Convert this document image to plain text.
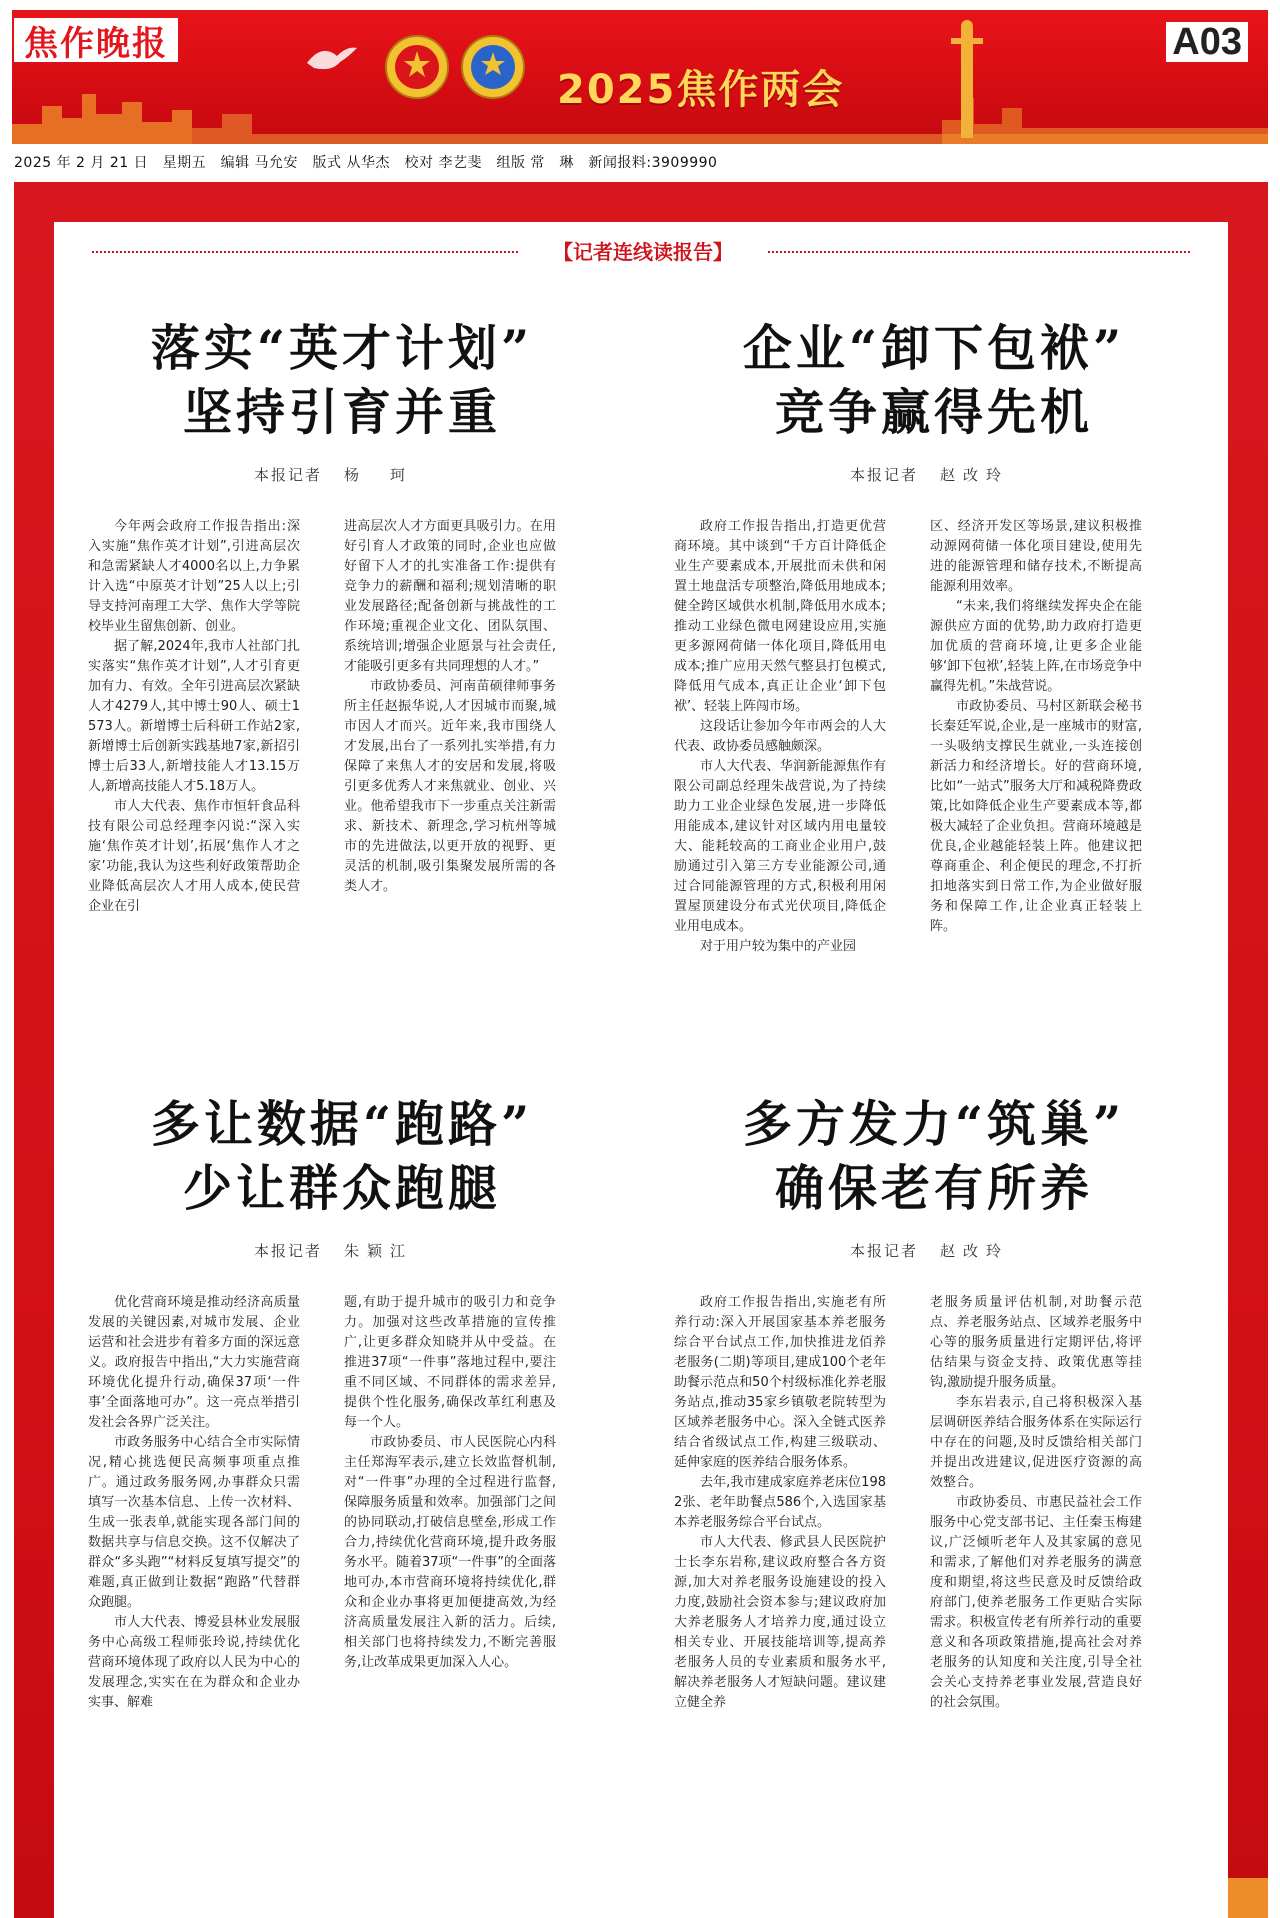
焦作晚报
2025焦作两会
A03
2025 年 2 月 21 日　星期五　编辑 马允安　版式 从华杰　校对 李艺斐　组版 常　琳　新闻报料:3909990
【记者连线读报告】
落实“英才计划”
坚持引育并重
本报记者 杨　珂

今年两会政府工作报告指出:深入实施“焦作英才计划”,引进高层次和急需紧缺人才4000名以上,力争累计入选“中原英才计划”25人以上;引导支持河南理工大学、焦作大学等院校毕业生留焦创新、创业。

据了解,2024年,我市人社部门扎实落实“焦作英才计划”,人才引育更加有力、有效。全年引进高层次紧缺人才4279人,其中博士90人、硕士1573人。新增博士后科研工作站2家,新增博士后创新实践基地7家,新招引博士后33人,新增技能人才13.15万人,新增高技能人才5.18万人。

市人大代表、焦作市恒轩食品科技有限公司总经理李闪说:“深入实施‘焦作英才计划’,拓展‘焦作人才之家’功能,我认为这些利好政策帮助企业降低高层次人才用人成本,使民营企业在引

进高层次人才方面更具吸引力。在用好引育人才政策的同时,企业也应做好留下人才的扎实准备工作:提供有竞争力的薪酬和福利;规划清晰的职业发展路径;配备创新与挑战性的工作环境;重视企业文化、团队氛围、系统培训;增强企业愿景与社会责任,才能吸引更多有共同理想的人才。”

市政协委员、河南苗硕律师事务所主任赵振华说,人才因城市而聚,城市因人才而兴。近年来,我市围绕人才发展,出台了一系列扎实举措,有力保障了来焦人才的安居和发展,将吸引更多优秀人才来焦就业、创业、兴业。他希望我市下一步重点关注新需求、新技术、新理念,学习杭州等城市的先进做法,以更开放的视野、更灵活的机制,吸引集聚发展所需的各类人才。

企业“卸下包袱”
竞争赢得先机
本报记者 赵改玲

政府工作报告指出,打造更优营商环境。其中谈到“千方百计降低企业生产要素成本,开展批而未供和闲置土地盘活专项整治,降低用地成本;健全跨区域供水机制,降低用水成本;推动工业绿色微电网建设应用,实施更多源网荷储一体化项目,降低用电成本;推广应用天然气整县打包模式,降低用气成本,真正让企业‘卸下包袱’、轻装上阵闯市场。

这段话让参加今年市两会的人大代表、政协委员感触颇深。

市人大代表、华润新能源焦作有限公司副总经理朱战营说,为了持续助力工业企业绿色发展,进一步降低用能成本,建议针对区域内用电量较大、能耗较高的工商业企业用户,鼓励通过引入第三方专业能源公司,通过合同能源管理的方式,积极利用闲置屋顶建设分布式光伏项目,降低企业用电成本。

对于用户较为集中的产业园

区、经济开发区等场景,建议积极推动源网荷储一体化项目建设,使用先进的能源管理和储存技术,不断提高能源利用效率。

“未来,我们将继续发挥央企在能源供应方面的优势,助力政府打造更加优质的营商环境,让更多企业能够‘卸下包袱’,轻装上阵,在市场竞争中赢得先机。”朱战营说。

市政协委员、马村区新联会秘书长秦廷军说,企业,是一座城市的财富,一头吸纳支撑民生就业,一头连接创新活力和经济增长。好的营商环境,比如“一站式”服务大厅和减税降费政策,比如降低企业生产要素成本等,都极大减轻了企业负担。营商环境越是优良,企业越能轻装上阵。他建议把尊商重企、利企便民的理念,不打折扣地落实到日常工作,为企业做好服务和保障工作,让企业真正轻装上阵。

多让数据“跑路”
少让群众跑腿
本报记者 朱颖江

优化营商环境是推动经济高质量发展的关键因素,对城市发展、企业运营和社会进步有着多方面的深远意义。政府报告中指出,“大力实施营商环境优化提升行动,确保37项‘一件事’全面落地可办”。这一亮点举措引发社会各界广泛关注。

市政务服务中心结合全市实际情况,精心挑选便民高频事项重点推广。通过政务服务网,办事群众只需填写一次基本信息、上传一次材料、生成一张表单,就能实现各部门间的数据共享与信息交换。这不仅解决了群众“多头跑”“材料反复填写提交”的难题,真正做到让数据“跑路”代替群众跑腿。

市人大代表、博爱县林业发展服务中心高级工程师张玲说,持续优化营商环境体现了政府以人民为中心的发展理念,实实在在为群众和企业办实事、解难

题,有助于提升城市的吸引力和竞争力。加强对这些改革措施的宣传推广,让更多群众知晓并从中受益。在推进37项“一件事”落地过程中,要注重不同区域、不同群体的需求差异,提供个性化服务,确保改革红利惠及每一个人。

市政协委员、市人民医院心内科主任郑海军表示,建立长效监督机制,对“一件事”办理的全过程进行监督,保障服务质量和效率。加强部门之间的协同联动,打破信息壁垒,形成工作合力,持续优化营商环境,提升政务服务水平。随着37项“一件事”的全面落地可办,本市营商环境将持续优化,群众和企业办事将更加便捷高效,为经济高质量发展注入新的活力。后续,相关部门也将持续发力,不断完善服务,让改革成果更加深入人心。

多方发力“筑巢”
确保老有所养
本报记者 赵改玲

政府工作报告指出,实施老有所养行动:深入开展国家基本养老服务综合平台试点工作,加快推进龙佰养老服务(二期)等项目,建成100个老年助餐示范点和50个村级标准化养老服务站点,推动35家乡镇敬老院转型为区域养老服务中心。深入全链式医养结合省级试点工作,构建三级联动、延伸家庭的医养结合服务体系。

去年,我市建成家庭养老床位1982张、老年助餐点586个,入选国家基本养老服务综合平台试点。

市人大代表、修武县人民医院护士长李东岩称,建议政府整合各方资源,加大对养老服务设施建设的投入力度,鼓励社会资本参与;建议政府加大养老服务人才培养力度,通过设立相关专业、开展技能培训等,提高养老服务人员的专业素质和服务水平,解决养老服务人才短缺问题。建议建立健全养

老服务质量评估机制,对助餐示范点、养老服务站点、区域养老服务中心等的服务质量进行定期评估,将评估结果与资金支持、政策优惠等挂钩,激励提升服务质量。

李东岩表示,自己将积极深入基层调研医养结合服务体系在实际运行中存在的问题,及时反馈给相关部门并提出改进建议,促进医疗资源的高效整合。

市政协委员、市惠民益社会工作服务中心党支部书记、主任秦玉梅建议,广泛倾听老年人及其家属的意见和需求,了解他们对养老服务的满意度和期望,将这些民意及时反馈给政府部门,使养老服务工作更贴合实际需求。积极宣传老有所养行动的重要意义和各项政策措施,提高社会对养老服务的认知度和关注度,引导全社会关心支持养老事业发展,营造良好的社会氛围。
